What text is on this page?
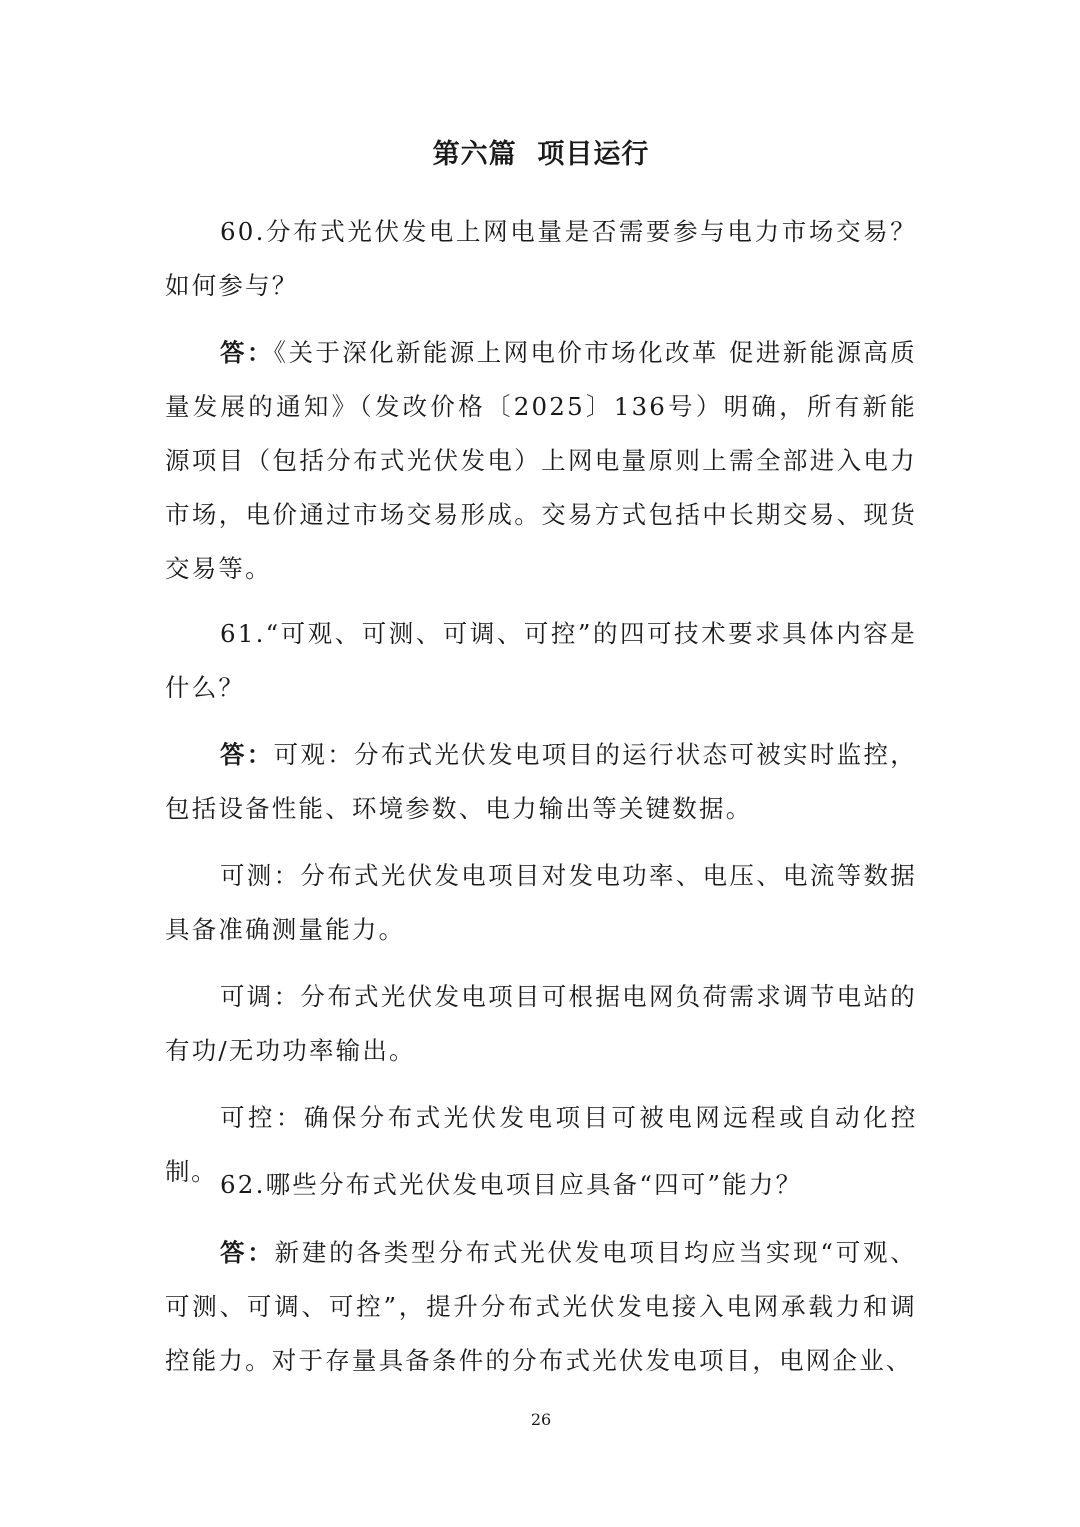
第六篇  项目运行

60.分布式光伏发电上网电量是否需要参与电力市场交易？如何参与？

答：《关于深化新能源上网电价市场化改革 促进新能源高质量发展的通知》（发改价格〔2025〕136号）明确，所有新能源项目（包括分布式光伏发电）上网电量原则上需全部进入电力市场，电价通过市场交易形成。交易方式包括中长期交易、现货交易等。

61.“可观、可测、可调、可控”的四可技术要求具体内容是什么？

答：可观：分布式光伏发电项目的运行状态可被实时监控，包括设备性能、环境参数、电力输出等关键数据。

可测：分布式光伏发电项目对发电功率、电压、电流等数据具备准确测量能力。

可调：分布式光伏发电项目可根据电网负荷需求调节电站的有功/无功功率输出。

可控：确保分布式光伏发电项目可被电网远程或自动化控制。 62.哪些分布式光伏发电项目应具备“四可”能力？

答：新建的各类型分布式光伏发电项目均应当实现“可观、可测、可调、可控”，提升分布式光伏发电接入电网承载力和调控能力。对于存量具备条件的分布式光伏发电项目，电网企业、

26
